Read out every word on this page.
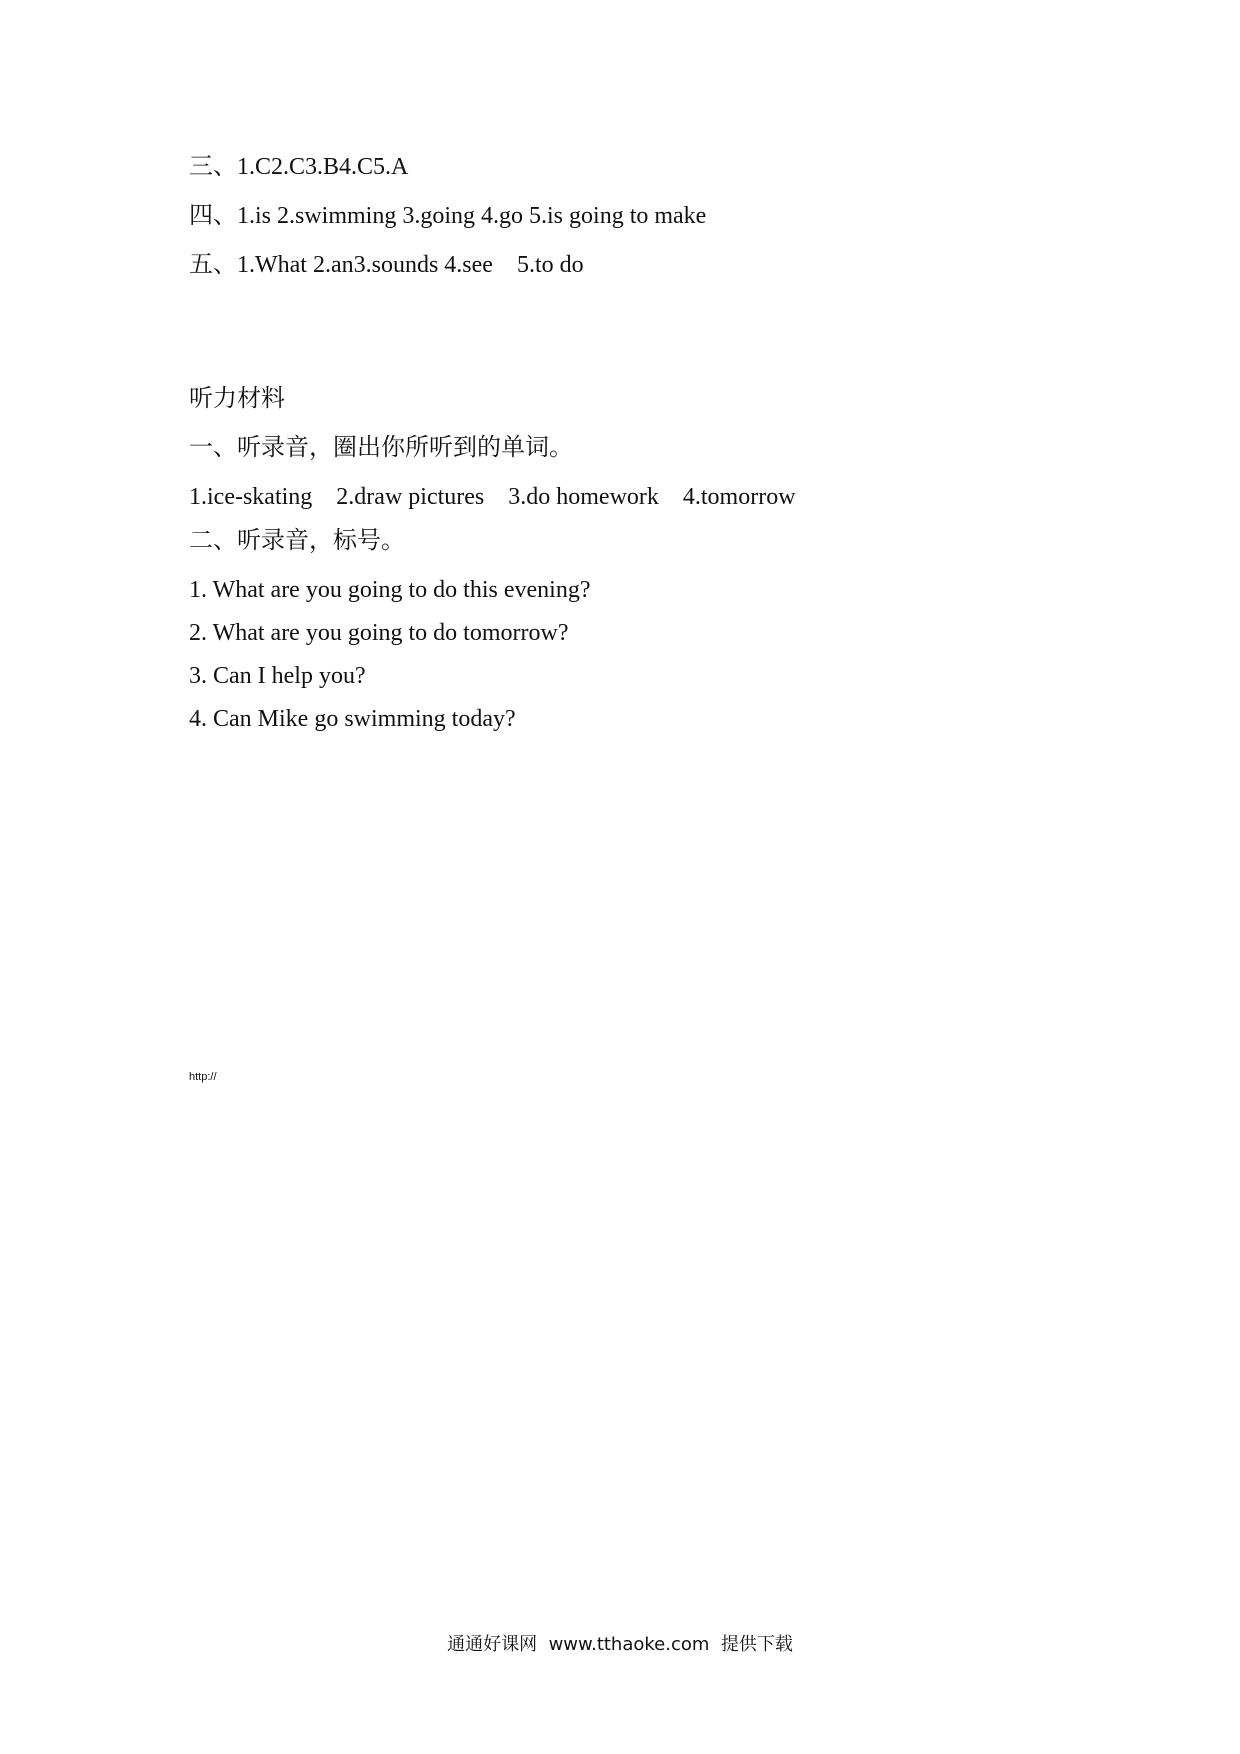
三、1.C2.C3.B4.C5.A
四、1.is 2.swimming 3.going 4.go 5.is going to make
五、1.What 2.an3.sounds 4.see    5.to do
听力材料
一、听录音，圈出你所听到的单词。
1.ice-skating    2.draw pictures    3.do homework    4.tomorrow
二、听录音，标号。
1. What are you going to do this evening?
2. What are you going to do tomorrow?
3. Can I help you?
4. Can Mike go swimming today?
http://
通通好课网  www.tthaoke.com  提供下载
